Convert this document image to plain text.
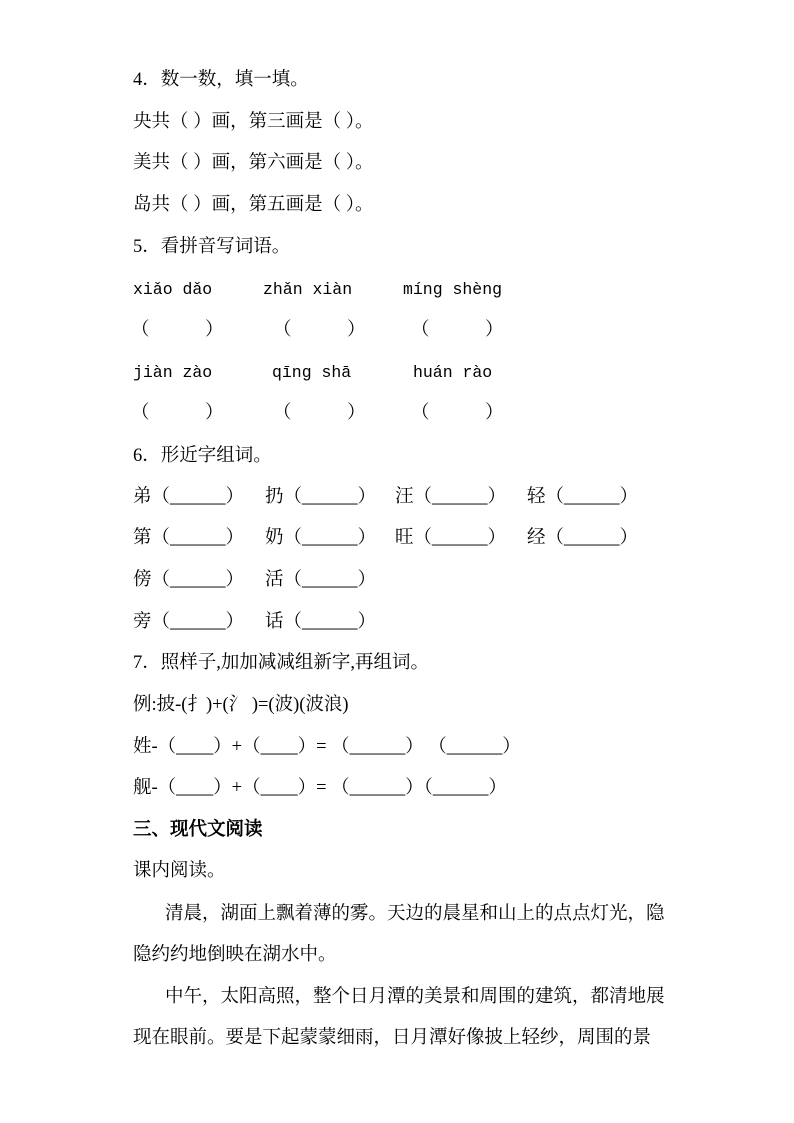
4．数一数，填一填。
央共（ ）画，第三画是（ ）。
美共（ ）画，第六画是（ ）。
岛共（ ）画，第五画是（ ）。
5．看拼音写词语。
xiǎo dǎo	zhǎn xiàn	míng shèng
（　　　）	（　　　） （　　　）
jiàn zào	qīng shā	huán rào
（　　　）	（　　　） （　　　）
6．形近字组词。
弟（______） 扔（______） 汪（______） 轻（______）
第（______） 奶（______） 旺（______） 经（______）
傍（______） 活（______）
旁（______） 话（______）
7．照样子,加加减减组新字,再组词。
例:披-(扌)+(氵 )=(波)(波浪)
姓-（____）+（____）= （______） （______）
舰-（____）+（____）= （______）（______）
三、现代文阅读
课内阅读。
清晨，湖面上飘着薄的雾。天边的晨星和山上的点点灯光，隐
隐约约地倒映在湖水中。
中午，太阳高照，整个日月潭的美景和周围的建筑，都清地展
现在眼前。要是下起蒙蒙细雨，日月潭好像披上轻纱，周围的景
